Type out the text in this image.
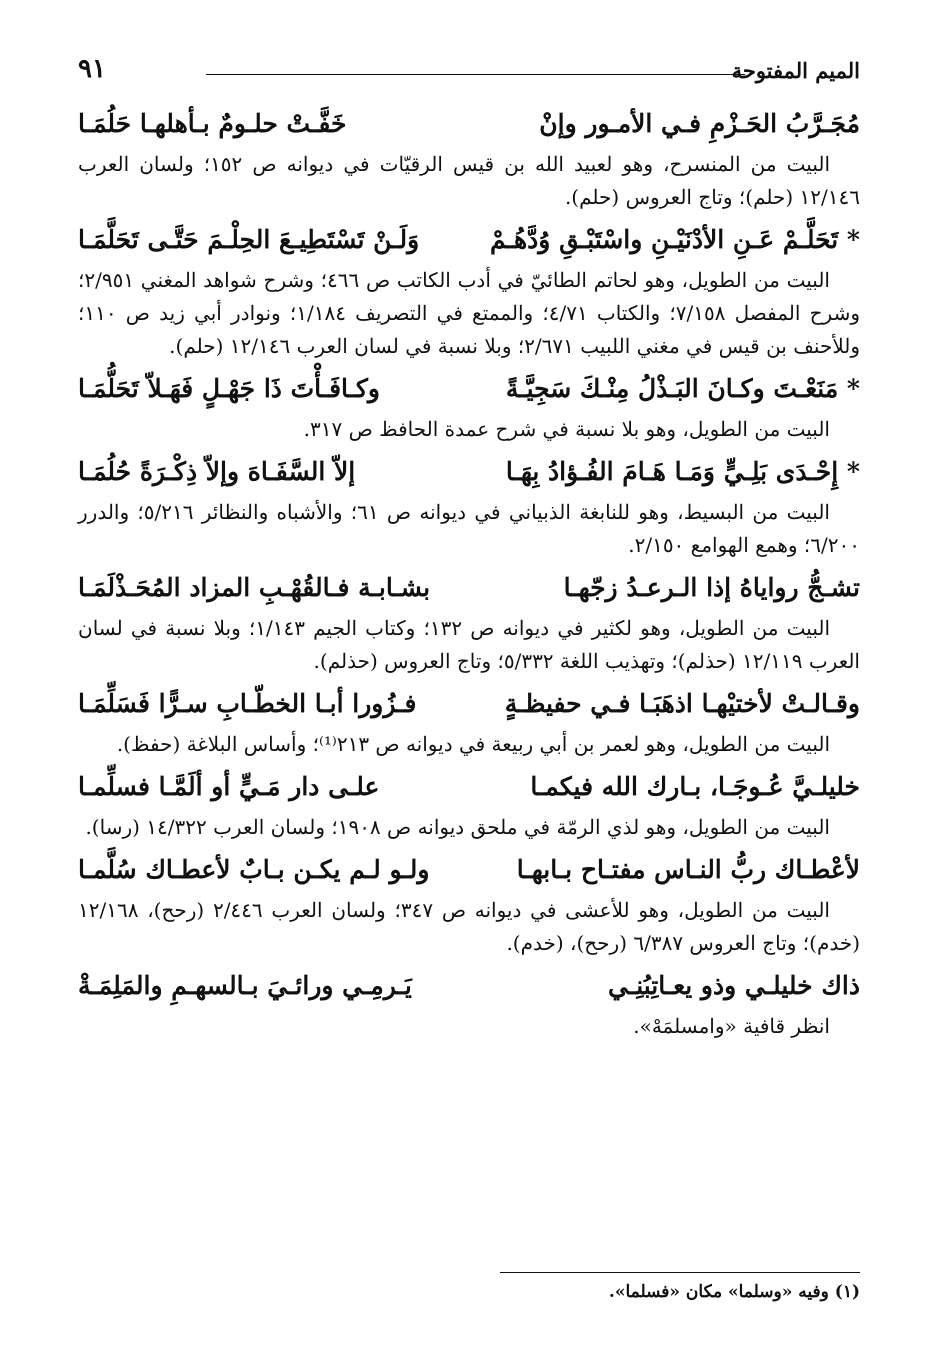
الميم المفتوحة
٩١
مُجَـرَّبُ الحَـزْمِ فـي الأمـور وإنْ
خَفَّـتْ حلـومٌ بـأهلهـا حَلُمَـا

البيت من المنسرح، وهو لعبيد الله بن قيس الرقيّات في ديوانه ص ١٥٢؛ ولسان العرب ١٢/١٤٦ (حلم)؛ وتاج العروس (حلم).

* تَحَلَّـمْ عَـنِ الأدْنَيْـنِ واسْتَبْـقِ وُدَّهُـمْ
وَلَـنْ تَسْتَطِيـعَ الحِلْـمَ حَتَّـى تَحَلَّمَـا

البيت من الطويل، وهو لحاتم الطائيّ في أدب الكاتب ص ٤٦٦؛ وشرح شواهد المغني ٢/٩٥١؛ وشرح المفصل ٧/١٥٨؛ والكتاب ٤/٧١؛ والممتع في التصريف ١/١٨٤؛ ونوادر أبي زيد ص ١١٠؛ وللأحنف بن قيس في مغني اللبيب ٢/٦٧١؛ وبلا نسبة في لسان العرب ١٢/١٤٦ (حلم).

* مَنَعْـتَ وكـانَ البَـذْلُ مِنْـكَ سَجِيَّـةً
وكـافَـأْتَ ذَا جَهْـلٍ فَهَـلاّ تَحَلُّمَـا

البيت من الطويل، وهو بلا نسبة في شرح عمدة الحافظ ص ٣١٧.

* إِحْـدَى بَلِـيٍّ وَمَـا هَـامَ الفُـؤادُ بِهَـا
إلاّ السَّفَـاهَ وإلاّ ذِكْـرَةً حُلُمَـا

البيت من البسيط، وهو للنابغة الذبياني في ديوانه ص ٦١؛ والأشباه والنظائر ٥/٢١٦؛ والدرر ٦/٢٠٠؛ وهمع الهوامع ٢/١٥٠.

تشـجُّ رواياهُ إذا الـرعـدُ زجّهـا
بشـابـة فـالقُهْـبِ المزاد المُحَـذْلَمَـا

البيت من الطويل، وهو لكثير في ديوانه ص ١٣٢؛ وكتاب الجيم ١/١٤٣؛ وبلا نسبة في لسان العرب ١٢/١١٩ (حذلم)؛ وتهذيب اللغة ٥/٣٣٢؛ وتاج العروس (حذلم).

وقـالـتْ لأختيْهـا اذهَبَـا فـي حفيظـةٍ
فـزُورا أبـا الخطّـابِ سـرًّا فَسَلِّمَـا

البيت من الطويل، وهو لعمر بن أبي ربيعة في ديوانه ص ٢١٣⁽¹⁾؛ وأساس البلاغة (حفظ).

خليلـيَّ عُـوجَـا، بـارك الله فيكمـا
علـى دار مَـيٍّ أو ألَمَّـا فسلِّمـا

البيت من الطويل، وهو لذي الرمّة في ملحق ديوانه ص ١٩٠٨؛ ولسان العرب ١٤/٣٢٢ (رسا).

لأعْطـاك ربُّ النـاس مفتـاح بـابهـا
ولـو لـم يكـن بـابٌ لأعطـاك سُلَّمـا

البيت من الطويل، وهو للأعشى في ديوانه ص ٣٤٧؛ ولسان العرب ٢/٤٤٦ (رحح)، ١٢/١٦٨ (خدم)؛ وتاج العروس ٦/٣٨٧ (رحح)، (خدم).

ذاك خليلـي وذو يعـاتِبُنِـي
يَـرمِـي ورائـيَ بـالسهـمِ والمَلِمَـةْ

انظر قافية «وامسلمَهْ».

(١) وفيه «وسلما» مكان «فسلما».
